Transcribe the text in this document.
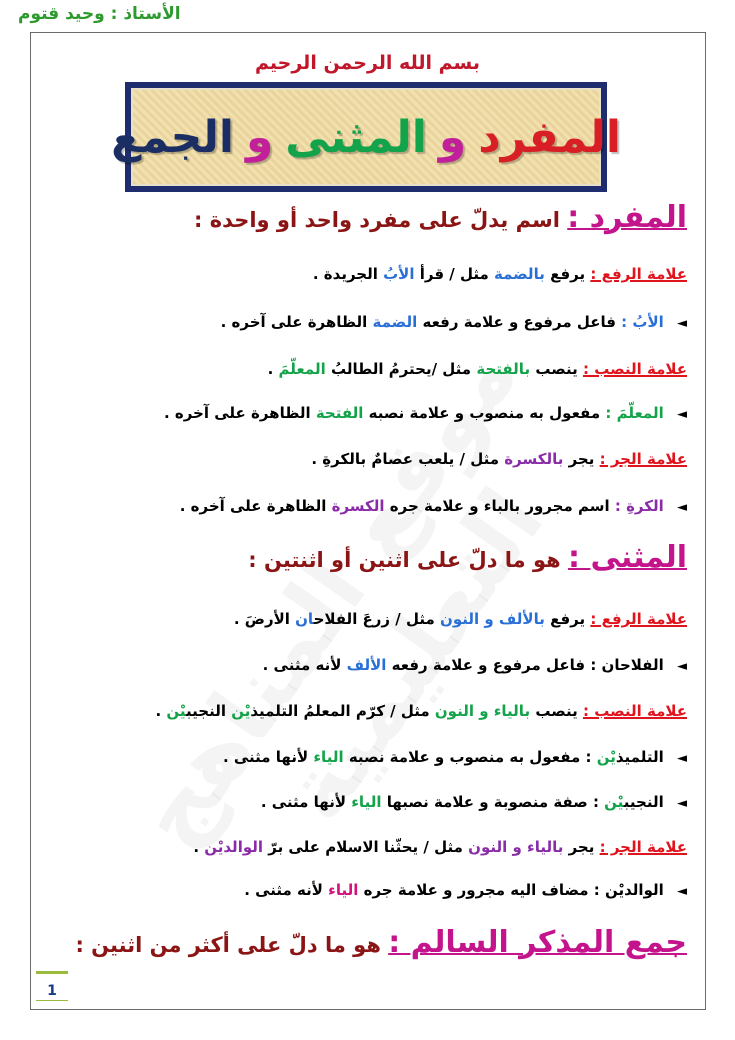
الأستاذ : وحيد قتوم
بسم الله الرحمن الرحيم
المفرد
و
المثنى
و
الجمع
المفرد : اسم يدلّ على مفرد واحد أو واحدة :
علامة الرفع : يرفع بالضمة مثل / قرأ الأبُ الجريدة .
◄ الأبُ : فاعل مرفوع و علامة رفعه الضمة الظاهرة على آخره .
علامة النصب : ينصب بالفتحة مثل /يحترمُ الطالبُ المعلّمَ .
◄ المعلّمَ : مفعول به منصوب و علامة نصبه الفتحة الظاهرة على آخره .
علامة الجر : يجر بالكسرة مثل / يلعب عصامٌ بالكرةِ .
◄ الكرةِ : اسم مجرور بالباء و علامة جره الكسرة الظاهرة على آخره .
المثنى : هو ما دلّ على اثنين أو اثنتين :
علامة الرفع : يرفع بالألف و النون مثل / زرعَ الفلاحان الأرضَ .
◄ الفلاحان : فاعل مرفوع و علامة رفعه الألف لأنه مثنى .
علامة النصب : ينصب بالياء و النون مثل / كرّم المعلمُ التلميذيْن النجيبيْن .
◄ التلميذيْن : مفعول به منصوب و علامة نصبه الياء لأنها مثنى .
◄ النجيبيْن : صفة منصوبة و علامة نصبها الياء لأنها مثنى .
علامة الجر : يجر بالياء و النون مثل / يحثّنا الاسلام على برّ الوالديْن .
◄ الوالديْن : مضاف اليه مجرور و علامة جره الياء لأنه مثنى .
جمع المذكر السالم : هو ما دلّ على أكثر من اثنين :
1
